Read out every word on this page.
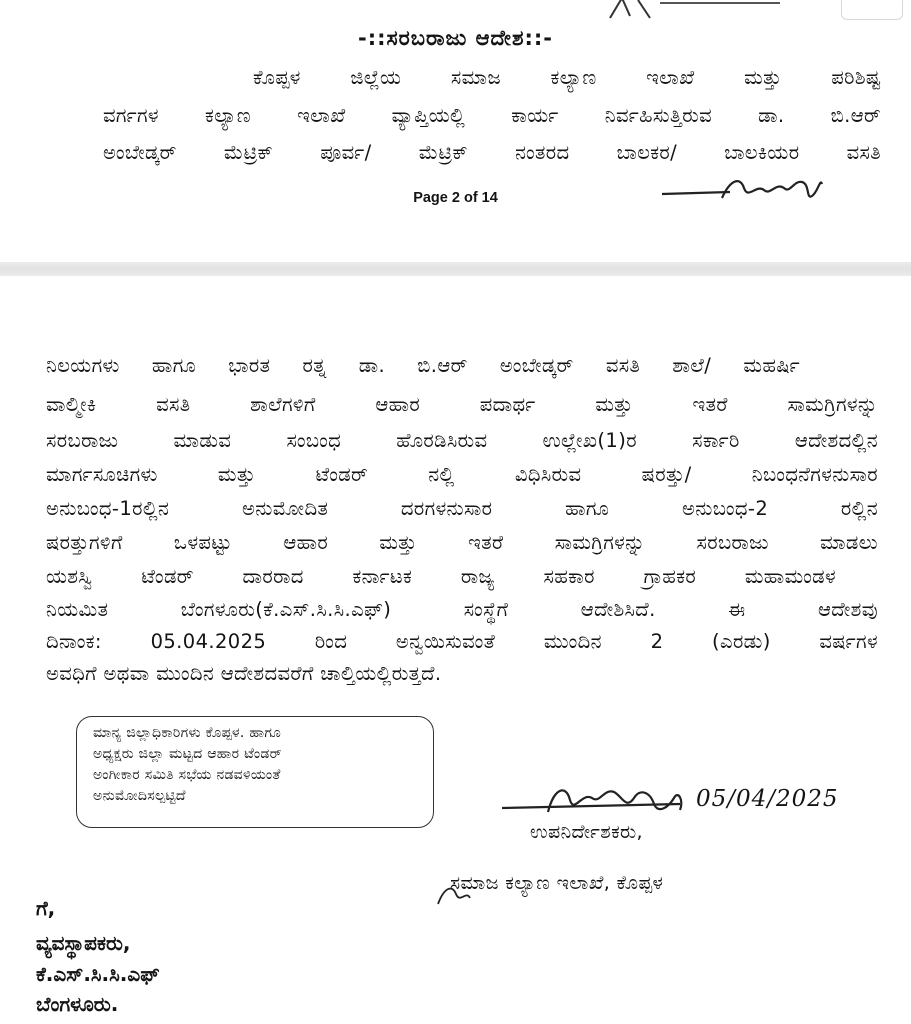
-::ಸರಬರಾಜು ಆದೇಶ::-
ಕೊಪ್ಪಳ ಜಿಲ್ಲೆಯ ಸಮಾಜ ಕಲ್ಯಾಣ ಇಲಾಖೆ ಮತ್ತು ಪರಿಶಿಷ್ಟ
ವರ್ಗಗಳ ಕಲ್ಯಾಣ ಇಲಾಖೆ ವ್ಯಾಪ್ತಿಯಲ್ಲಿ ಕಾರ್ಯ ನಿರ್ವಹಿಸುತ್ತಿರುವ ಡಾ. ಬಿ.ಆರ್
ಅಂಬೇಡ್ಕರ್ ಮೆಟ್ರಿಕ್ ಪೂರ್ವ/ ಮೆಟ್ರಿಕ್ ನಂತರದ ಬಾಲಕರ/ ಬಾಲಕಿಯರ ವಸತಿ
Page 2 of 14
ನಿಲಯಗಳು ಹಾಗೂ ಭಾರತ ರತ್ನ ಡಾ. ಬಿ.ಆರ್ ಅಂಬೇಡ್ಕರ್ ವಸತಿ ಶಾಲೆ/ ಮಹರ್ಷಿ
ವಾಲ್ಮೀಕಿ ವಸತಿ ಶಾಲೆಗಳಿಗೆ ಆಹಾರ ಪದಾರ್ಥ ಮತ್ತು ಇತರೆ ಸಾಮಗ್ರಿಗಳನ್ನು
ಸರಬರಾಜು ಮಾಡುವ ಸಂಬಂಧ ಹೊರಡಿಸಿರುವ ಉಲ್ಲೇಖ(1)ರ ಸರ್ಕಾರಿ ಆದೇಶದಲ್ಲಿನ
ಮಾರ್ಗಸೂಚಿಗಳು ಮತ್ತು ಟೆಂಡರ್ ನಲ್ಲಿ ವಿಧಿಸಿರುವ ಷರತ್ತು/ ನಿಬಂಧನೆಗಳನುಸಾರ
ಅನುಬಂಧ-1ರಲ್ಲಿನ ಅನುಮೋದಿತ ದರಗಳನುಸಾರ ಹಾಗೂ ಅನುಬಂಧ-2 ರಲ್ಲಿನ
ಷರತ್ತುಗಳಿಗೆ ಒಳಪಟ್ಟು ಆಹಾರ ಮತ್ತು ಇತರೆ ಸಾಮಗ್ರಿಗಳನ್ನು ಸರಬರಾಜು ಮಾಡಲು
ಯಶಸ್ವಿ ಟೆಂಡರ್ ದಾರರಾದ ಕರ್ನಾಟಕ ರಾಜ್ಯ ಸಹಕಾರ ಗ್ರಾಹಕರ ಮಹಾಮಂಡಳ
ನಿಯಮಿತ ಬೆಂಗಳೂರು(ಕೆ.ಎಸ್.ಸಿ.ಸಿ.ಎಫ್) ಸಂಸ್ಥೆಗೆ ಆದೇಶಿಸಿದೆ. ಈ ಆದೇಶವು
ದಿನಾಂಕ: 05.04.2025 ರಿಂದ ಅನ್ವಯಿಸುವಂತೆ ಮುಂದಿನ 2 (ಎರಡು) ವರ್ಷಗಳ
ಅವಧಿಗೆ ಅಥವಾ ಮುಂದಿನ ಆದೇಶದವರೆಗೆ ಚಾಲ್ತಿಯಲ್ಲಿರುತ್ತದೆ.
ಮಾನ್ಯ ಜಿಲ್ಲಾಧಿಕಾರಿಗಳು ಕೊಪ್ಪಳ. ಹಾಗೂ
ಅಧ್ಯಕ್ಷರು ಜಿಲ್ಲಾ ಮಟ್ಟದ ಆಹಾರ ಟೆಂಡರ್
ಅಂಗೀಕಾರ ಸಮಿತಿ ಸಭೆಯ ನಡವಳಿಯಂತೆ
ಅನುಮೋದಿಸಲ್ಪಟ್ಟಿದೆ	05/04/2025
ಉಪನಿರ್ದೇಶಕರು,
ಸಮಾಜ ಕಲ್ಯಾಣ ಇಲಾಖೆ, ಕೊಪ್ಪಳ
ಗೆ,
ವ್ಯವಸ್ಥಾಪಕರು,
ಕೆ.ಎಸ್.ಸಿ.ಸಿ.ಎಫ್
ಬೆಂಗಳೂರು.
